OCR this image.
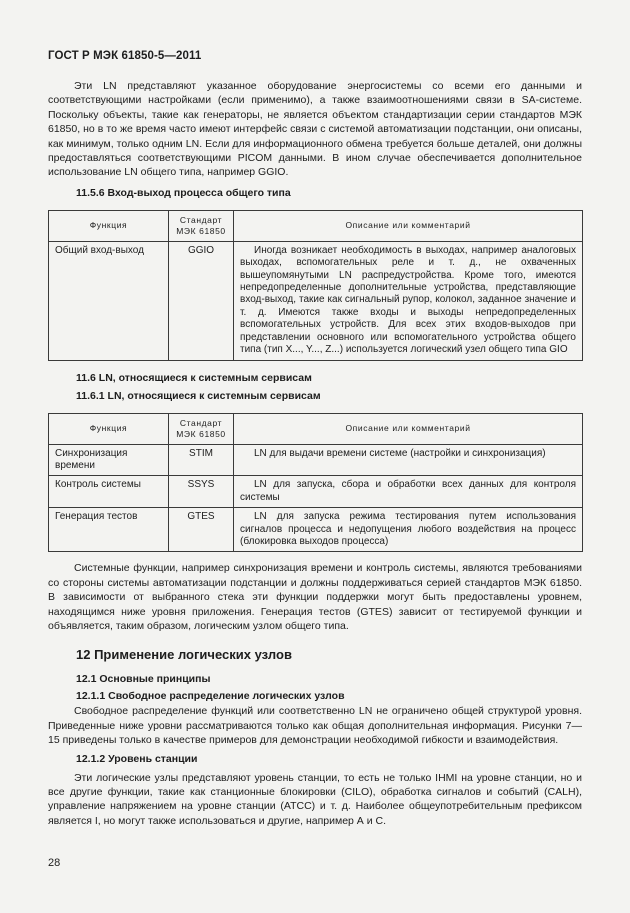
ГОСТ Р МЭК 61850-5—2011

Эти LN представляют указанное оборудование энергосистемы со всеми его данными и соответствующими настройками (если применимо), а также взаимоотношениями связи в SA-системе. Поскольку объекты, такие как генераторы, не является объектом стандартизации серии стандартов МЭК 61850, но в то же время часто имеют интерфейс связи с системой автоматизации подстанции, они описаны, как минимум, только одним LN. Если для информационного обмена требуется больше деталей, они должны предоставляться соответствующими PICOM данными. В ином случае обеспечивается дополнительное использование LN общего типа, например GGIO.

11.5.6 Вход-выход процесса общего типа
Функция	Стандарт МЭК 61850	Описание или комментарий
Общий вход-выход	GGIO	Иногда возникает необходимость в выходах, например аналоговых выходах, вспомогательных реле и т. д., не охваченных вышеупомянутыми LN распредустройства. Кроме того, имеются непредопределенные дополнительные устройства, представляющие вход-выход, такие как сигнальный рупор, колокол, заданное значение и т. д. Имеются также входы и выходы непредопределенных вспомогательных устройств. Для всех этих входов-выходов при представлении основного или вспомогательного устройства общего типа (тип X..., Y..., Z...) используется логический узел общего типа GIO
11.6 LN, относящиеся к системным сервисам
11.6.1 LN, относящиеся к системным сервисам
Функция	Стандарт МЭК 61850	Описание или комментарий
Синхронизация времени	STIM	LN для выдачи времени системе (настройки и синхронизация)
Контроль системы	SSYS	LN для запуска, сбора и обработки всех данных для контроля системы
Генерация тестов	GTES	LN для запуска режима тестирования путем использования сигналов процесса и недопущения любого воздействия на процесс (блокировка выходов процесса)

Системные функции, например синхронизация времени и контроль системы, являются требованиями со стороны системы автоматизации подстанции и должны поддерживаться серией стандартов МЭК 61850. В зависимости от выбранного стека эти функции поддержки могут быть предоставлены уровнем, находящимся ниже уровня приложения. Генерация тестов (GTES) зависит от тестируемой функции и объявляется, таким образом, логическим узлом общего типа.

12 Применение логических узлов
12.1 Основные принципы
12.1.1 Свободное распределение логических узлов

Свободное распределение функций или соответственно LN не ограничено общей структурой уровня. Приведенные ниже уровни рассматриваются только как общая дополнительная информация. Рисунки 7—15 приведены только в качестве примеров для демонстрации необходимой гибкости и взаимодействия.

12.1.2 Уровень станции

Эти логические узлы представляют уровень станции, то есть не только IHMI на уровне станции, но и все другие функции, такие как станционные блокировки (CILO), обработка сигналов и событий (CALH), управление напряжением на уровне станции (ATCC) и т. д. Наиболее общеупотребительным префиксом является I, но могут также использоваться и другие, например А и С.

28
